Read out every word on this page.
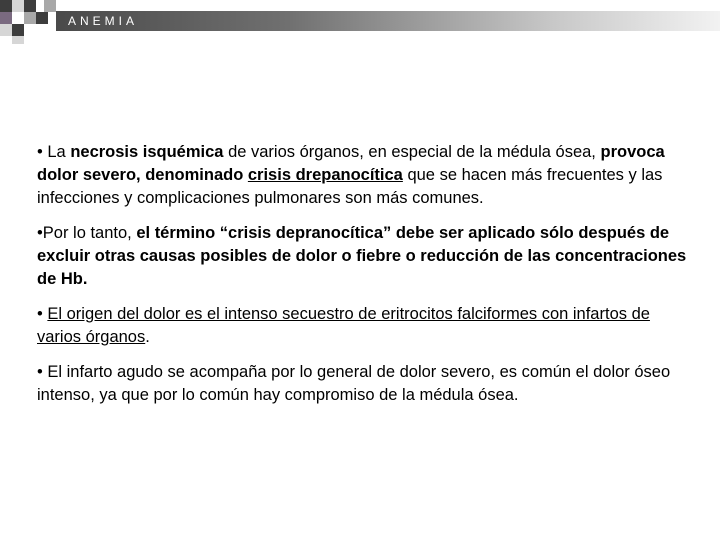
ANEMIA

• La necrosis isquémica de varios órganos, en especial de la médula ósea, provoca dolor severo, denominado crisis drepanocítica que se hacen más frecuentes y las infecciones y complicaciones pulmonares son más comunes.

•Por lo tanto, el término “crisis depranocítica” debe ser aplicado sólo después de excluir otras causas posibles de dolor o fiebre o reducción de las concentraciones de Hb.

• El origen del dolor es el intenso secuestro de eritrocitos falciformes con infartos de varios órganos.

• El infarto agudo se acompaña por lo general de dolor severo, es común el dolor óseo intenso, ya que por lo común hay compromiso de la médula ósea.
